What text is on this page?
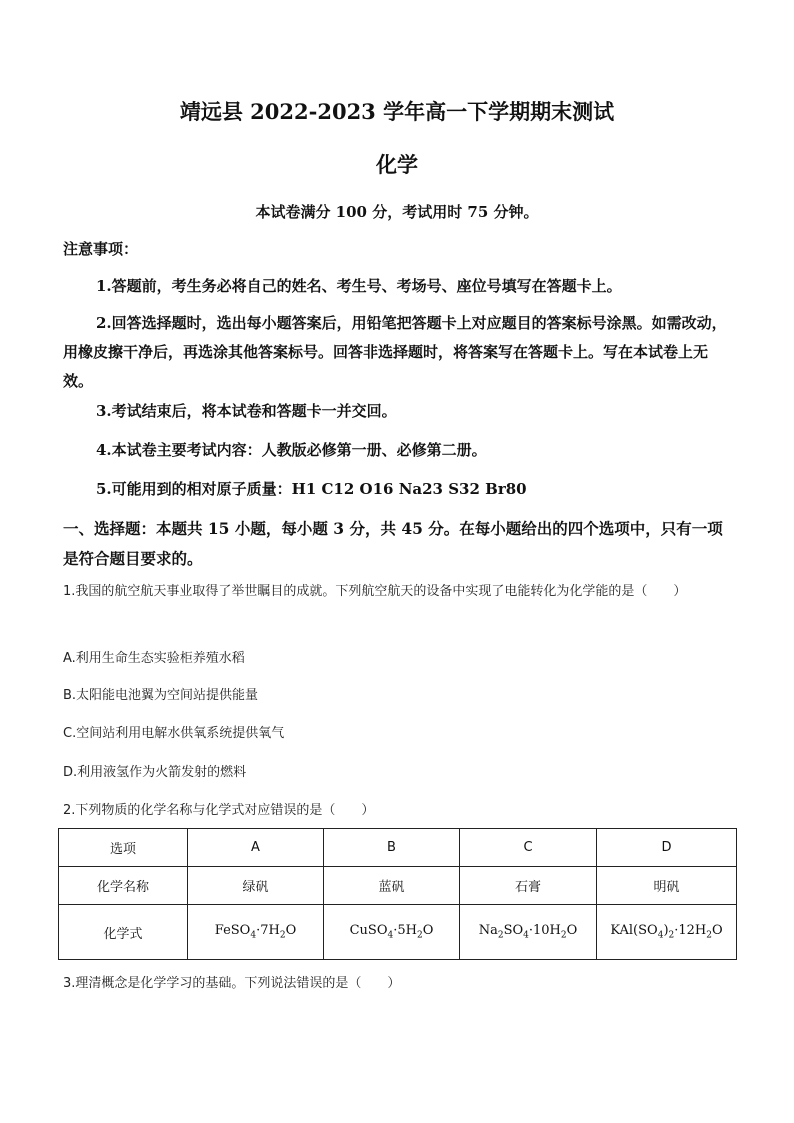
靖远县 2022-2023 学年高一下学期期末测试
化学
本试卷满分 100 分，考试用时 75 分钟。
注意事项：
1.答题前，考生务必将自己的姓名、考生号、考场号、座位号填写在答题卡上。
2.回答选择题时，选出每小题答案后，用铅笔把答题卡上对应题目的答案标号涂黑。如需改动，用橡皮擦干净后，再选涂其他答案标号。回答非选择题时，将答案写在答题卡上。写在本试卷上无效。
3.考试结束后，将本试卷和答题卡一并交回。
4.本试卷主要考试内容：人教版必修第一册、必修第二册。
5.可能用到的相对原子质量：H1 C12 O16 Na23 S32 Br80
一、选择题：本题共 15 小题，每小题 3 分，共 45 分。在每小题给出的四个选项中，只有一项是符合题目要求的。
1.我国的航空航天事业取得了举世瞩目的成就。下列航空航天的设备中实现了电能转化为化学能的是（　　）
A.利用生命生态实验柜养殖水稻
B.太阳能电池翼为空间站提供能量
C.空间站利用电解水供氧系统提供氧气
D.利用液氢作为火箭发射的燃料
2.下列物质的化学名称与化学式对应错误的是（　　）
选项	A	B	C	D
化学名称	绿矾	蓝矾	石膏	明矾
化学式	$FeSO_4\cdot 7H_2O$	$CuSO_4\cdot 5H_2O$	$Na_2SO_4\cdot 10H_2O$	$KAl(SO_4)_2\cdot 12H_2O$
3.理清概念是化学学习的基础。下列说法错误的是（　　）
